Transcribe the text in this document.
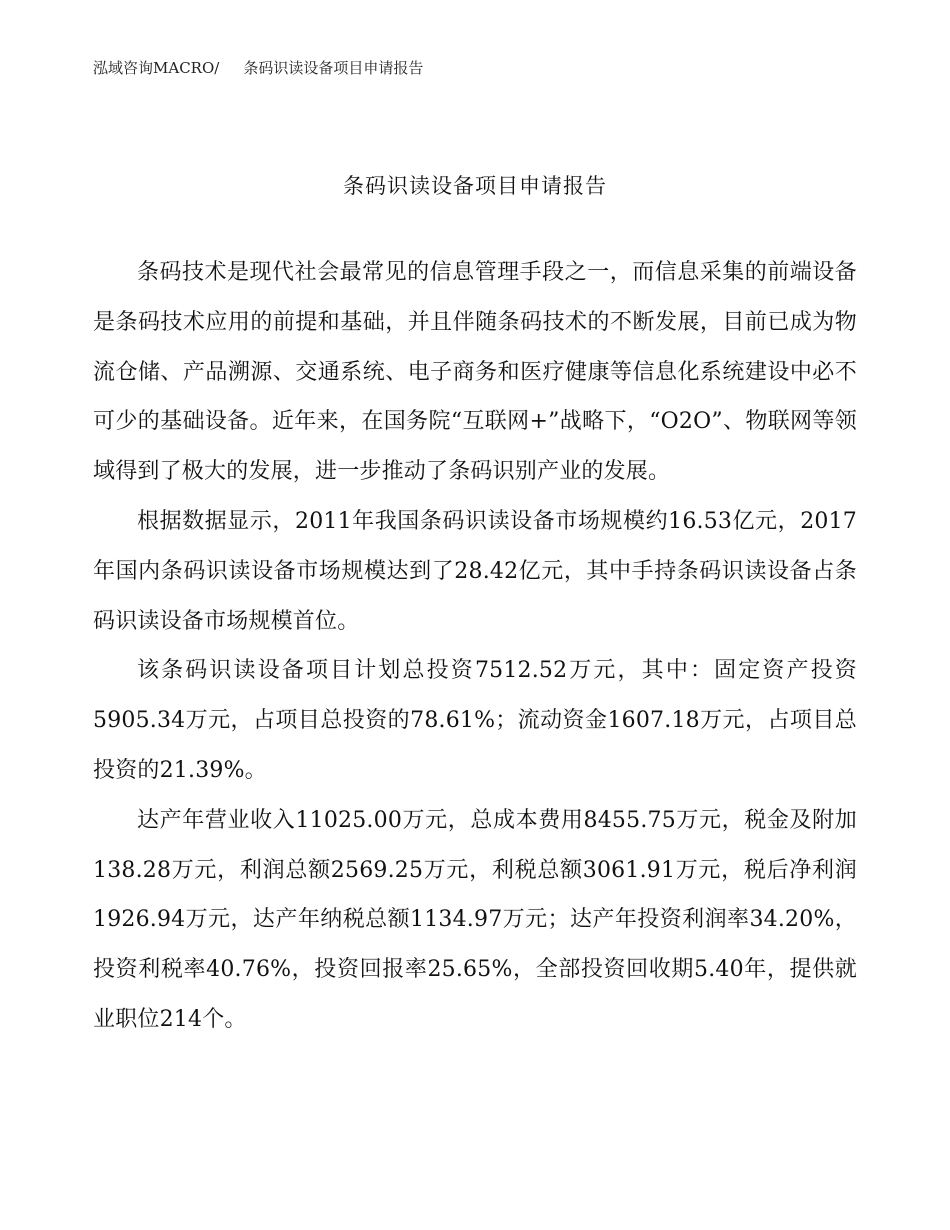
泓域咨询MACRO/ 条码识读设备项目申请报告
条码识读设备项目申请报告

条码技术是现代社会最常见的信息管理手段之一，而信息采集的前端设备是条码技术应用的前提和基础，并且伴随条码技术的不断发展，目前已成为物流仓储、产品溯源、交通系统、电子商务和医疗健康等信息化系统建设中必不可少的基础设备。近年来，在国务院“互联网+”战略下，“O2O”、物联网等领域得到了极大的发展，进一步推动了条码识别产业的发展。

根据数据显示，2011年我国条码识读设备市场规模约16.53亿元，2017年国内条码识读设备市场规模达到了28.42亿元，其中手持条码识读设备占条码识读设备市场规模首位。

该条码识读设备项目计划总投资7512.52万元，其中：固定资产投资5905.34万元，占项目总投资的78.61%；流动资金1607.18万元，占项目总投资的21.39%。

达产年营业收入11025.00万元，总成本费用8455.75万元，税金及附加138.28万元，利润总额2569.25万元，利税总额3061.91万元，税后净利润1926.94万元，达产年纳税总额1134.97万元；达产年投资利润率34.20%，投资利税率40.76%，投资回报率25.65%，全部投资回收期5.40年，提供就业职位214个。
